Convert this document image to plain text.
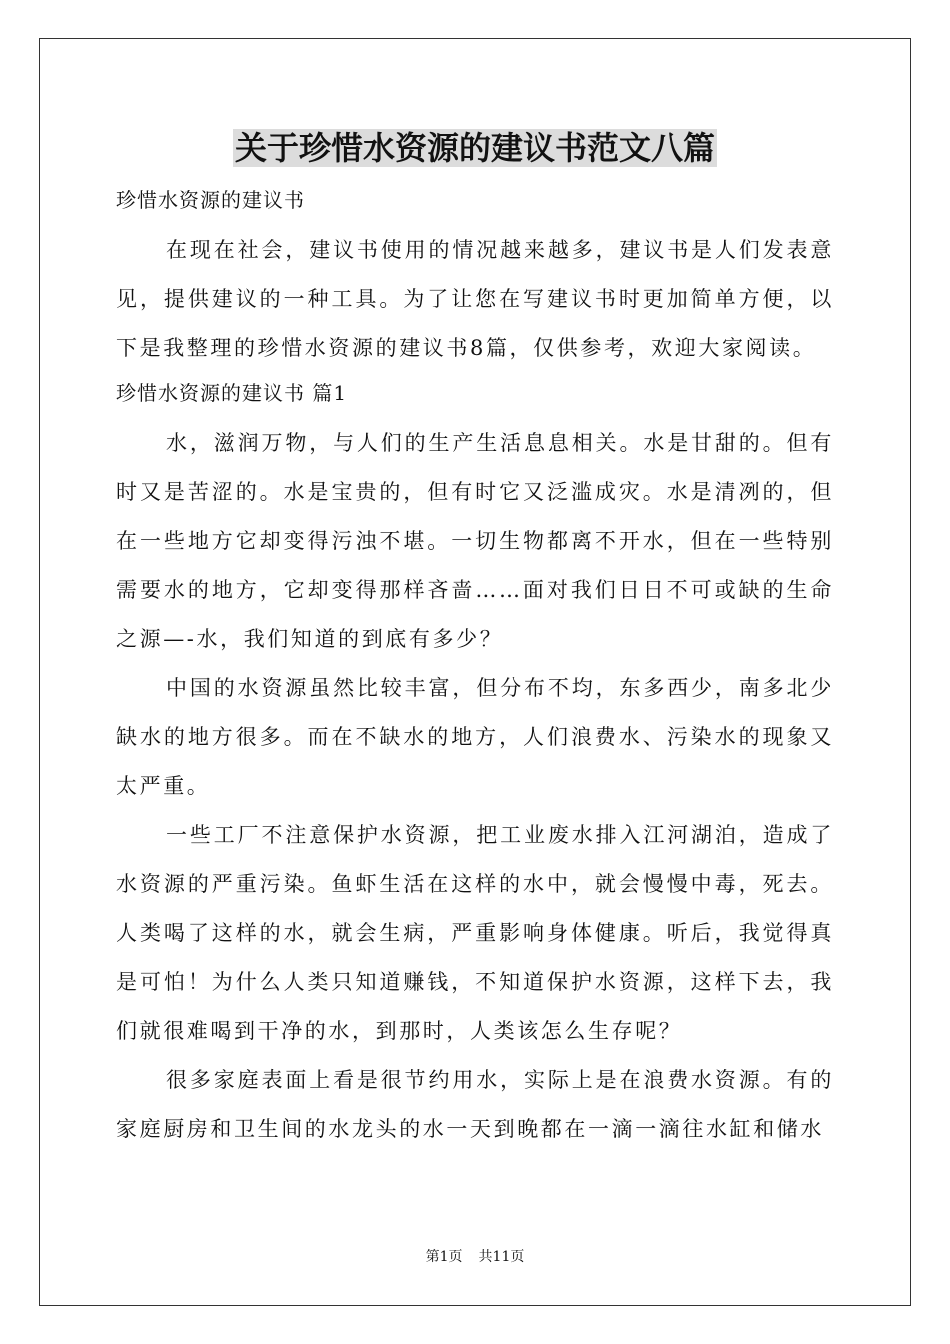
关于珍惜水资源的建议书范文八篇

珍惜水资源的建议书

在现在社会，建议书使用的情况越来越多，建议书是人们发表意见，提供建议的一种工具。为了让您在写建议书时更加简单方便，以下是我整理的珍惜水资源的建议书8篇，仅供参考，欢迎大家阅读。

珍惜水资源的建议书 篇1

水，滋润万物，与人们的生产生活息息相关。水是甘甜的。但有时又是苦涩的。水是宝贵的，但有时它又泛滥成灾。水是清冽的，但在一些地方它却变得污浊不堪。一切生物都离不开水，但在一些特别需要水的地方，它却变得那样吝啬……面对我们日日不可或缺的生命之源—-水，我们知道的到底有多少？

中国的水资源虽然比较丰富，但分布不均，东多西少，南多北少缺水的地方很多。而在不缺水的地方，人们浪费水、污染水的现象又太严重。

一些工厂不注意保护水资源，把工业废水排入江河湖泊，造成了水资源的严重污染。鱼虾生活在这样的水中，就会慢慢中毒，死去。人类喝了这样的水，就会生病，严重影响身体健康。听后，我觉得真是可怕！为什么人类只知道赚钱，不知道保护水资源，这样下去，我们就很难喝到干净的水，到那时，人类该怎么生存呢？

很多家庭表面上看是很节约用水，实际上是在浪费水资源。有的家庭厨房和卫生间的水龙头的水一天到晚都在一滴一滴往水缸和储水

第1页 共11页
